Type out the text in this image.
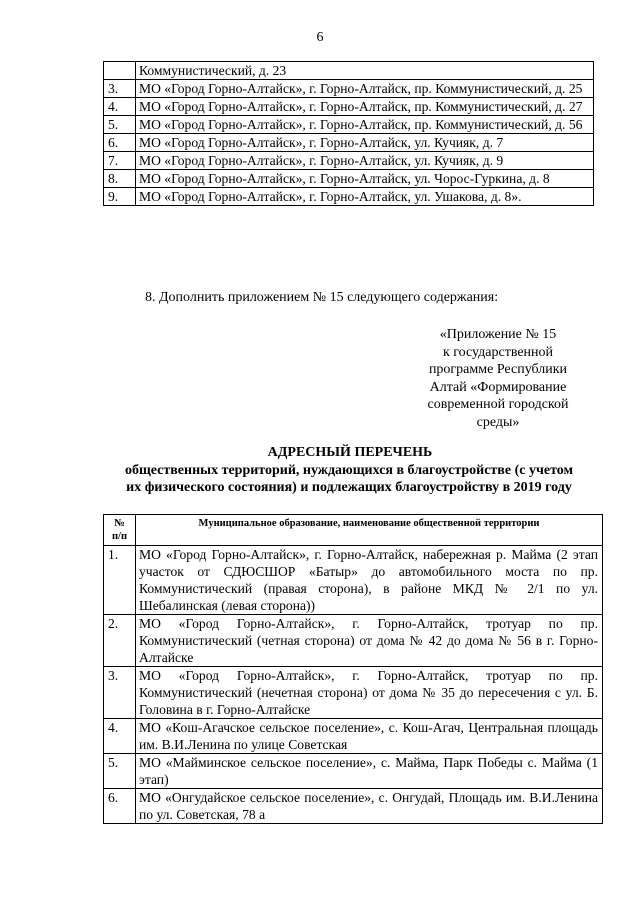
6
	Коммунистический, д. 23
3.	МО «Город Горно-Алтайск», г. Горно-Алтайск, пр. Коммунистический, д. 25
4.	МО «Город Горно-Алтайск», г. Горно-Алтайск, пр. Коммунистический, д. 27
5.	МО «Город Горно-Алтайск», г. Горно-Алтайск, пр. Коммунистический, д. 56
6.	МО «Город Горно-Алтайск», г. Горно-Алтайск, ул. Кучияк, д. 7
7.	МО «Город Горно-Алтайск», г. Горно-Алтайск, ул. Кучияк, д. 9
8.	МО «Город Горно-Алтайск», г. Горно-Алтайск, ул. Чорос-Гуркина, д. 8
9.	МО «Город Горно-Алтайск», г. Горно-Алтайск, ул. Ушакова, д. 8».
8. Дополнить приложением № 15 следующего содержания:
«Приложение № 15
к государственной
программе Республики
Алтай «Формирование
современной городской
среды»
АДРЕСНЫЙ ПЕРЕЧЕНЬ
общественных территорий, нуждающихся в благоустройстве (с учетом
их физического состояния) и подлежащих благоустройству в 2019 году
№
п/п	Муниципальное образование, наименование общественной территории
1.	МО «Город Горно-Алтайск», г. Горно-Алтайск, набережная р. Майма (2 этап участок от СДЮСШОР «Батыр» до автомобильного моста по пр. Коммунистический (правая сторона), в районе МКД № 2/1 по ул. Шебалинская (левая сторона))
2.	МО «Город Горно-Алтайск», г. Горно-Алтайск, тротуар по пр. Коммунистический (четная сторона) от дома № 42 до дома № 56 в г. Горно-Алтайске
3.	МО «Город Горно-Алтайск», г. Горно-Алтайск, тротуар по пр. Коммунистический (нечетная сторона) от дома № 35 до пересечения с ул. Б. Головина в г. Горно-Алтайске
4.	МО «Кош-Агачское сельское поселение», с. Кош-Агач, Центральная площадь им. В.И.Ленина по улице Советская
5.	МО «Майминское сельское поселение», с. Майма, Парк Победы с. Майма (1 этап)
6.	МО «Онгудайское сельское поселение», с. Онгудай, Площадь им. В.И.Ленина по ул. Советская, 78 а
